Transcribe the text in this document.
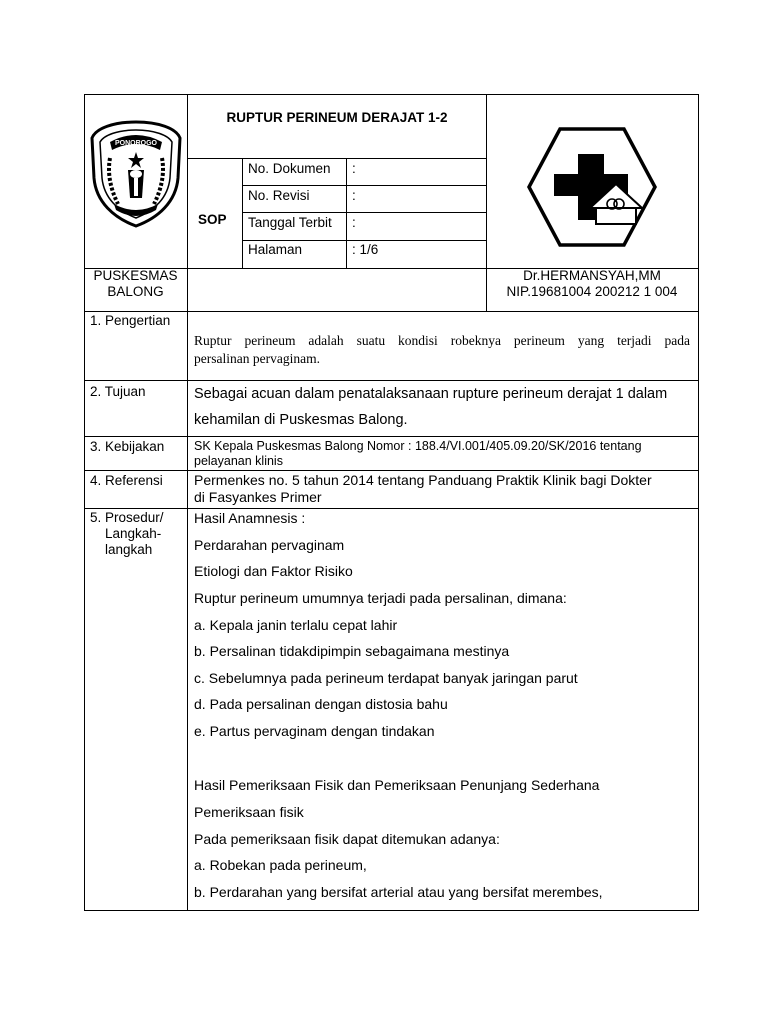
PONOROGO
RUPTUR PERINEUM DERAJAT 1-2
SOP
No. Dokumen :
No. Revisi	:
Tanggal Terbit :
Halaman	: 1/6
PUSKESMAS
BALONG
Dr.HERMANSYAH,MM
NIP.19681004 200212 1 004
1. Pengertian
Ruptur perineum adalah suatu kondisi robeknya perineum yang terjadi pada
persalinan pervaginam.
2. Tujuan	Sebagai acuan dalam penatalaksanaan rupture perineum derajat 1 dalam
kehamilan di Puskesmas Balong.
3. Kebijakan SK Kepala Puskesmas Balong Nomor : 188.4/VI.001/405.09.20/SK/2016 tentang
pelayanan klinis
4. Referensi Permenkes no. 5 tahun 2014 tentang Panduang Praktik Klinik bagi Dokter
di Fasyankes Primer
5. Prosedur/
Langkah-
langkah
Hasil Anamnesis :
Perdarahan pervaginam
Etiologi dan Faktor Risiko
Ruptur perineum umumnya terjadi pada persalinan, dimana:
a. Kepala janin terlalu cepat lahir
b. Persalinan tidakdipimpin sebagaimana mestinya
c. Sebelumnya pada perineum terdapat banyak jaringan parut
d. Pada persalinan dengan distosia bahu
e. Partus pervaginam dengan tindakan
Hasil Pemeriksaan Fisik dan Pemeriksaan Penunjang Sederhana
Pemeriksaan fisik
Pada pemeriksaan fisik dapat ditemukan adanya:
a. Robekan pada perineum,
b. Perdarahan yang bersifat arterial atau yang bersifat merembes,
